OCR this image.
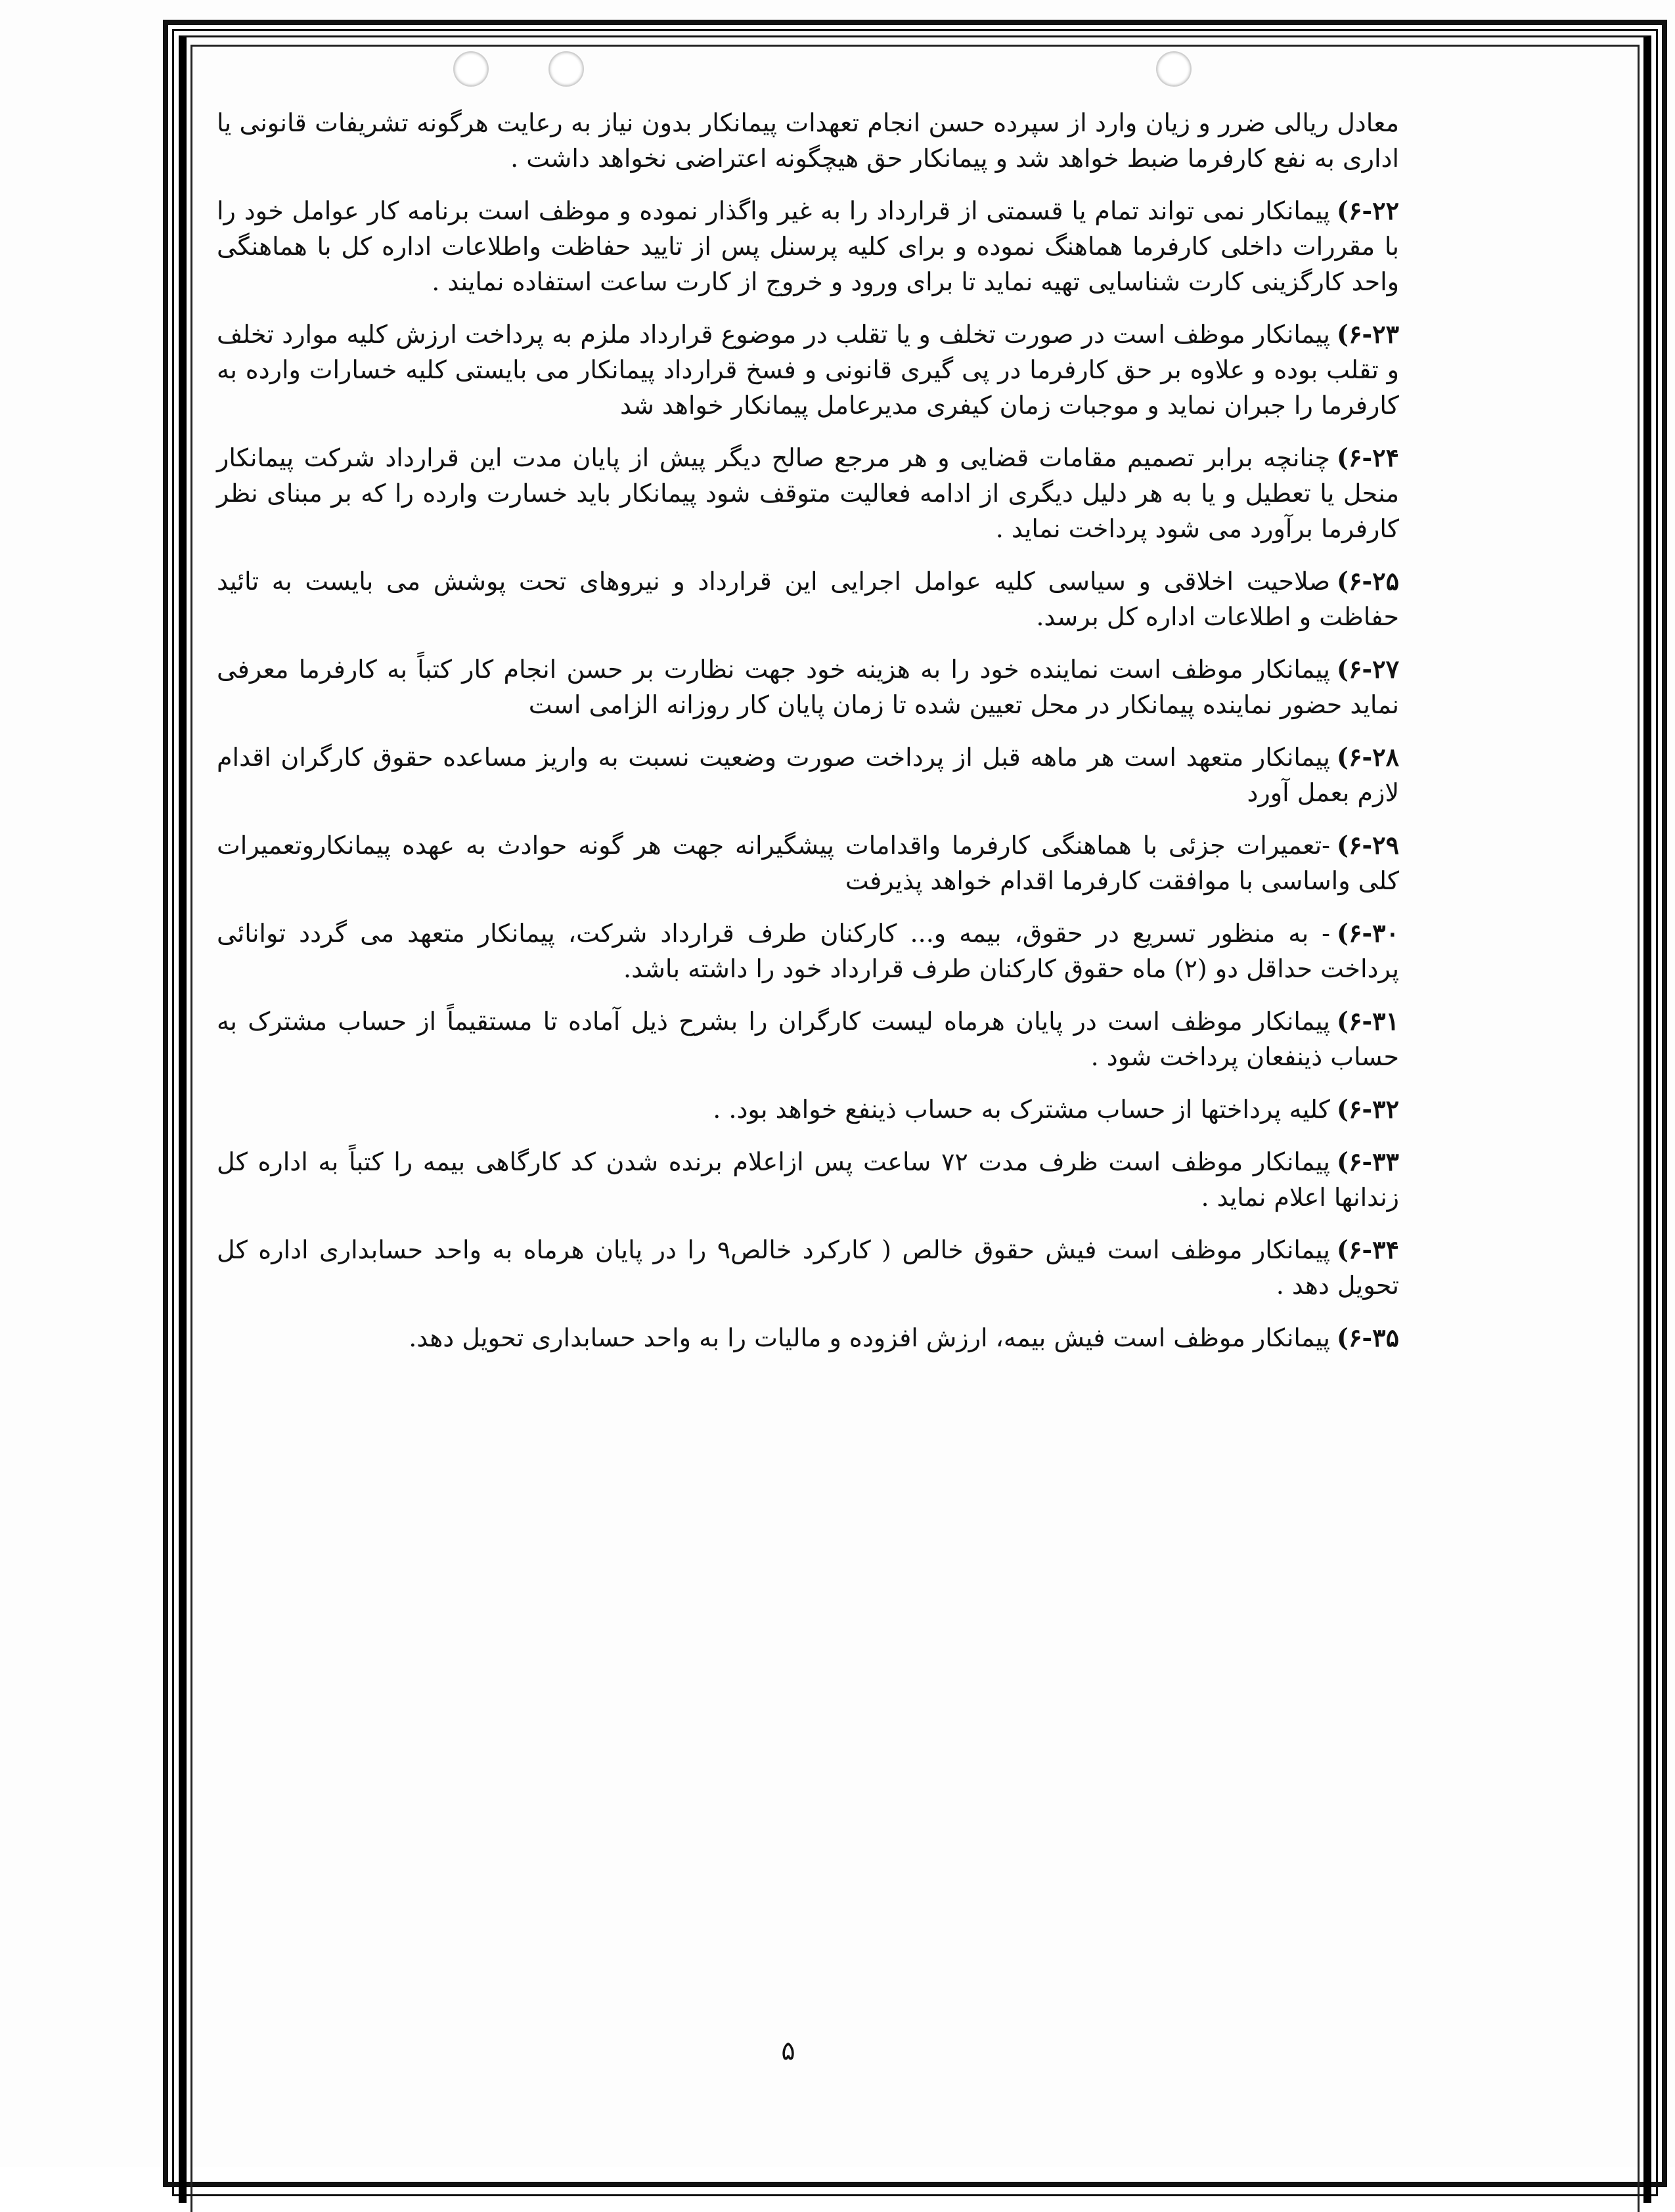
معادل ریالی ضرر و زیان وارد از سپرده حسن انجام تعهدات پیمانکار بدون نیاز به رعایت هرگونه تشریفات قانونی یا اداری به نفع کارفرما ضبط خواهد شد و پیمانکار حق هیچگونه اعتراضی نخواهد داشت .

۶-۲۲)پیمانکار نمی تواند تمام یا قسمتی از قرارداد را به غیر واگذار نموده و موظف است برنامه کار عوامل خود را با مقررات داخلی کارفرما هماهنگ نموده و برای کلیه پرسنل پس از تایید حفاظت واطلاعات اداره کل با هماهنگی واحد کارگزینی کارت شناسایی تهیه نماید تا برای ورود و خروج از کارت ساعت استفاده نمایند .

۶-۲۳)پیمانکار موظف است در صورت تخلف و یا تقلب در موضوع قرارداد ملزم به پرداخت ارزش کلیه موارد تخلف و تقلب بوده و علاوه بر حق کارفرما در پی گیری قانونی و فسخ قرارداد پیمانکار می بایستی کلیه خسارات وارده به کارفرما را جبران نماید و موجبات زمان کیفری مدیرعامل پیمانکار خواهد شد

۶-۲۴)چنانچه برابر تصمیم مقامات قضایی و هر مرجع صالح دیگر پیش از پایان مدت این قرارداد شرکت پیمانکار منحل یا تعطیل و یا به هر دلیل دیگری از ادامه فعالیت متوقف شود پیمانکار باید خسارت وارده را که بر مبنای نظر کارفرما برآورد می شود پرداخت نماید .

۶-۲۵)صلاحیت اخلاقی و سیاسی کلیه عوامل اجرایی این قرارداد و نیروهای تحت پوشش می بایست به تائید حفاظت و اطلاعات اداره کل برسد.

۶-۲۷)پیمانکار موظف است نماینده خود را به هزینه خود جهت نظارت بر حسن انجام کار کتباً به کارفرما معرفی نماید حضور نماینده پیمانکار در محل تعیین شده تا زمان پایان کار روزانه الزامی است

۶-۲۸)پیمانکار متعهد است هر ماهه قبل از پرداخت صورت وضعیت نسبت به واریز مساعده حقوق کارگران اقدام لازم بعمل آورد

۶-۲۹)-تعمیرات جزئی با هماهنگی کارفرما واقدامات پیشگیرانه جهت هر گونه حوادث به عهده پیمانکاروتعمیرات کلی واساسی با موافقت کارفرما اقدام خواهد پذیرفت

۶-۳۰)- به منظور تسریع در حقوق، بیمه و... کارکنان طرف قرارداد شرکت، پیمانکار متعهد می گردد توانائی پرداخت حداقل دو (۲) ماه حقوق کارکنان طرف قرارداد خود را داشته باشد.

۶-۳۱)پیمانکار موظف است در پایان هرماه لیست کارگران را بشرح ذیل آماده تا مستقیماً از حساب مشترک به حساب ذینفعان پرداخت شود .

۶-۳۲)کلیه پرداختها از حساب مشترک به حساب ذینفع خواهد بود. .

۶-۳۳)پیمانکار موظف است ظرف مدت ۷۲ ساعت پس ازاعلام برنده شدن کد کارگاهی بیمه را کتباً به اداره کل زندانها اعلام نماید .

۶-۳۴)پیمانکار موظف است فیش حقوق خالص ( کارکرد خالص۹ را در پایان هرماه به واحد حسابداری اداره کل تحویل دهد .

۶-۳۵)پیمانکار موظف است فیش بیمه، ارزش افزوده و مالیات را به واحد حسابداری تحویل دهد.

۵
